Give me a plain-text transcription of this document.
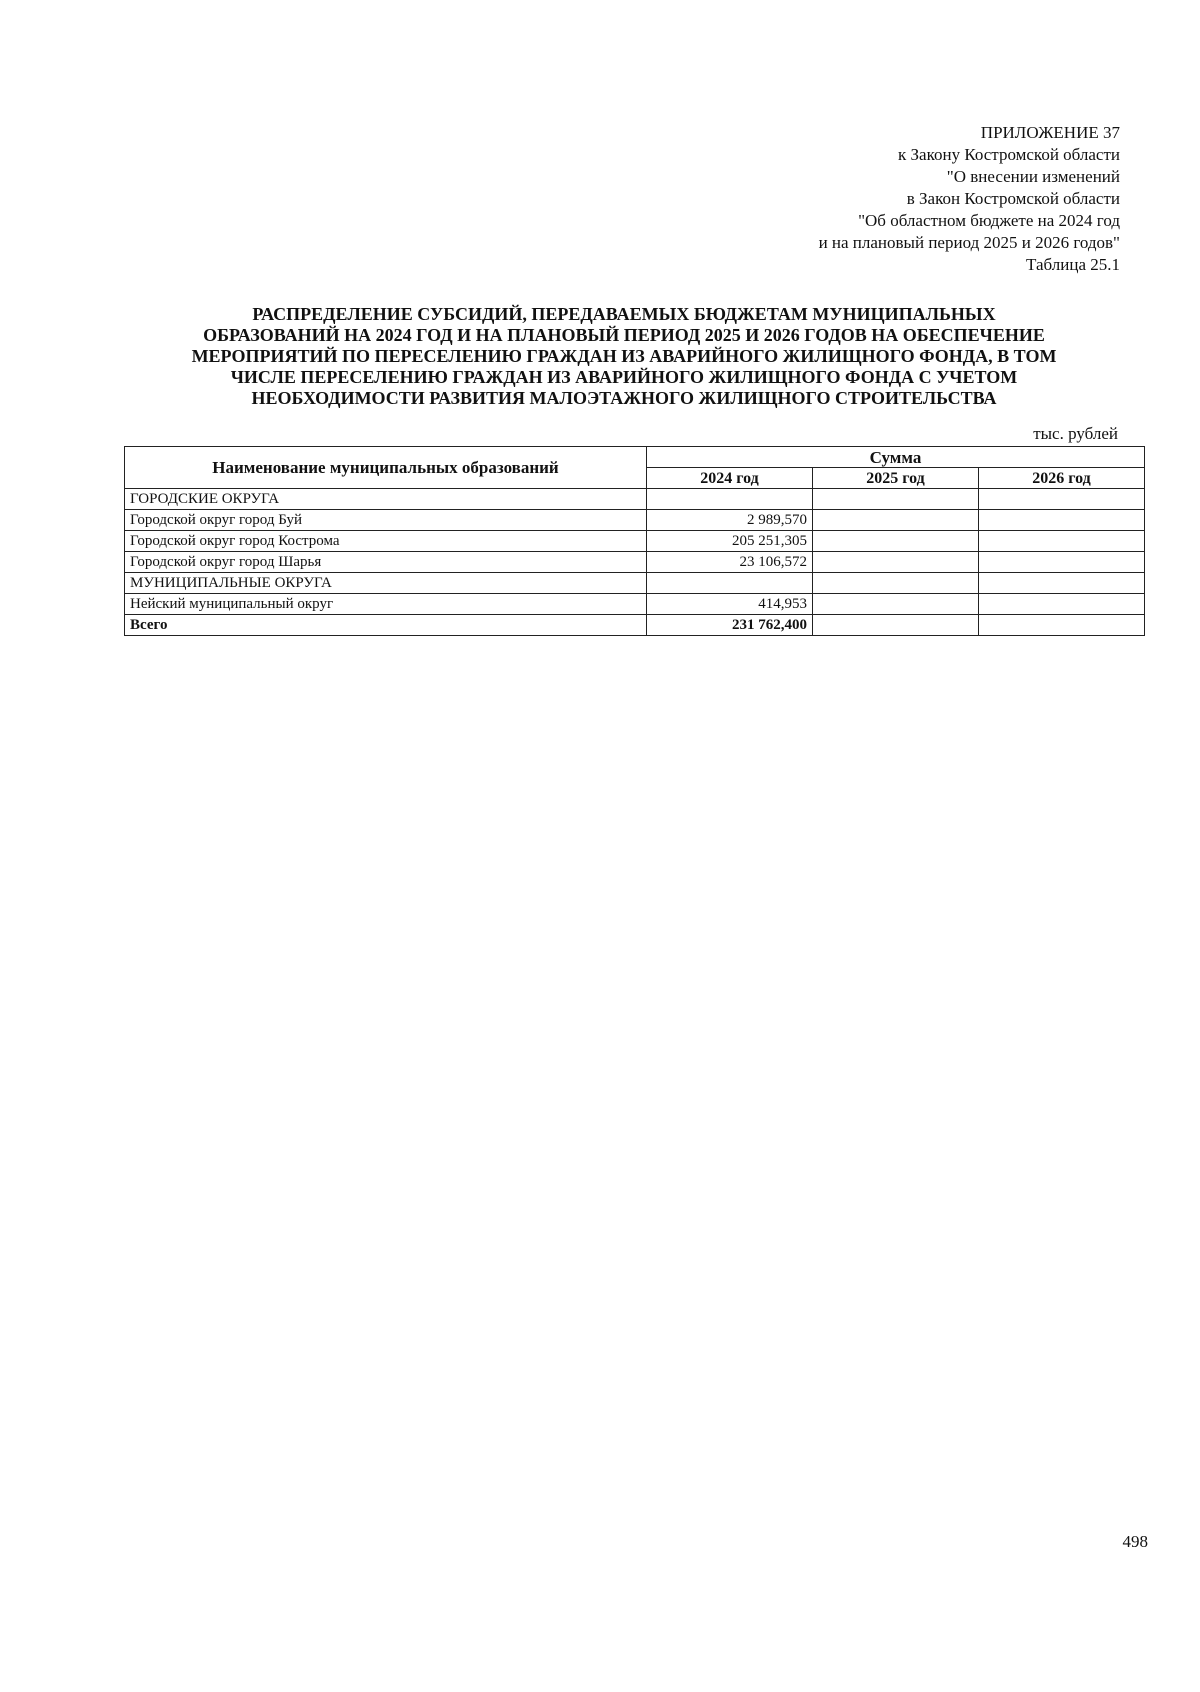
ПРИЛОЖЕНИЕ 37
к Закону Костромской области
"О внесении изменений
в Закон Костромской области
"Об областном бюджете на 2024 год
и на плановый период 2025 и 2026 годов"
Таблица 25.1
РАСПРЕДЕЛЕНИЕ СУБСИДИЙ, ПЕРЕДАВАЕМЫХ БЮДЖЕТАМ МУНИЦИПАЛЬНЫХ
ОБРАЗОВАНИЙ НА 2024 ГОД И НА ПЛАНОВЫЙ ПЕРИОД 2025 И 2026 ГОДОВ НА ОБЕСПЕЧЕНИЕ
МЕРОПРИЯТИЙ ПО ПЕРЕСЕЛЕНИЮ ГРАЖДАН ИЗ АВАРИЙНОГО ЖИЛИЩНОГО ФОНДА, В ТОМ
ЧИСЛЕ ПЕРЕСЕЛЕНИЮ ГРАЖДАН ИЗ АВАРИЙНОГО ЖИЛИЩНОГО ФОНДА С УЧЕТОМ
НЕОБХОДИМОСТИ РАЗВИТИЯ МАЛОЭТАЖНОГО ЖИЛИЩНОГО СТРОИТЕЛЬСТВА
тыс. рублей
Наименование муниципальных образований	Сумма		
	2024 год	2025 год	2026 год
ГОРОДСКИЕ ОКРУГА			
Городской округ город Буй	2 989,570		
Городской округ город Кострома	205 251,305		
Городской округ город Шарья	23 106,572		
МУНИЦИПАЛЬНЫЕ ОКРУГА			
Нейский муниципальный округ	414,953		
Всего	231 762,400		
498
